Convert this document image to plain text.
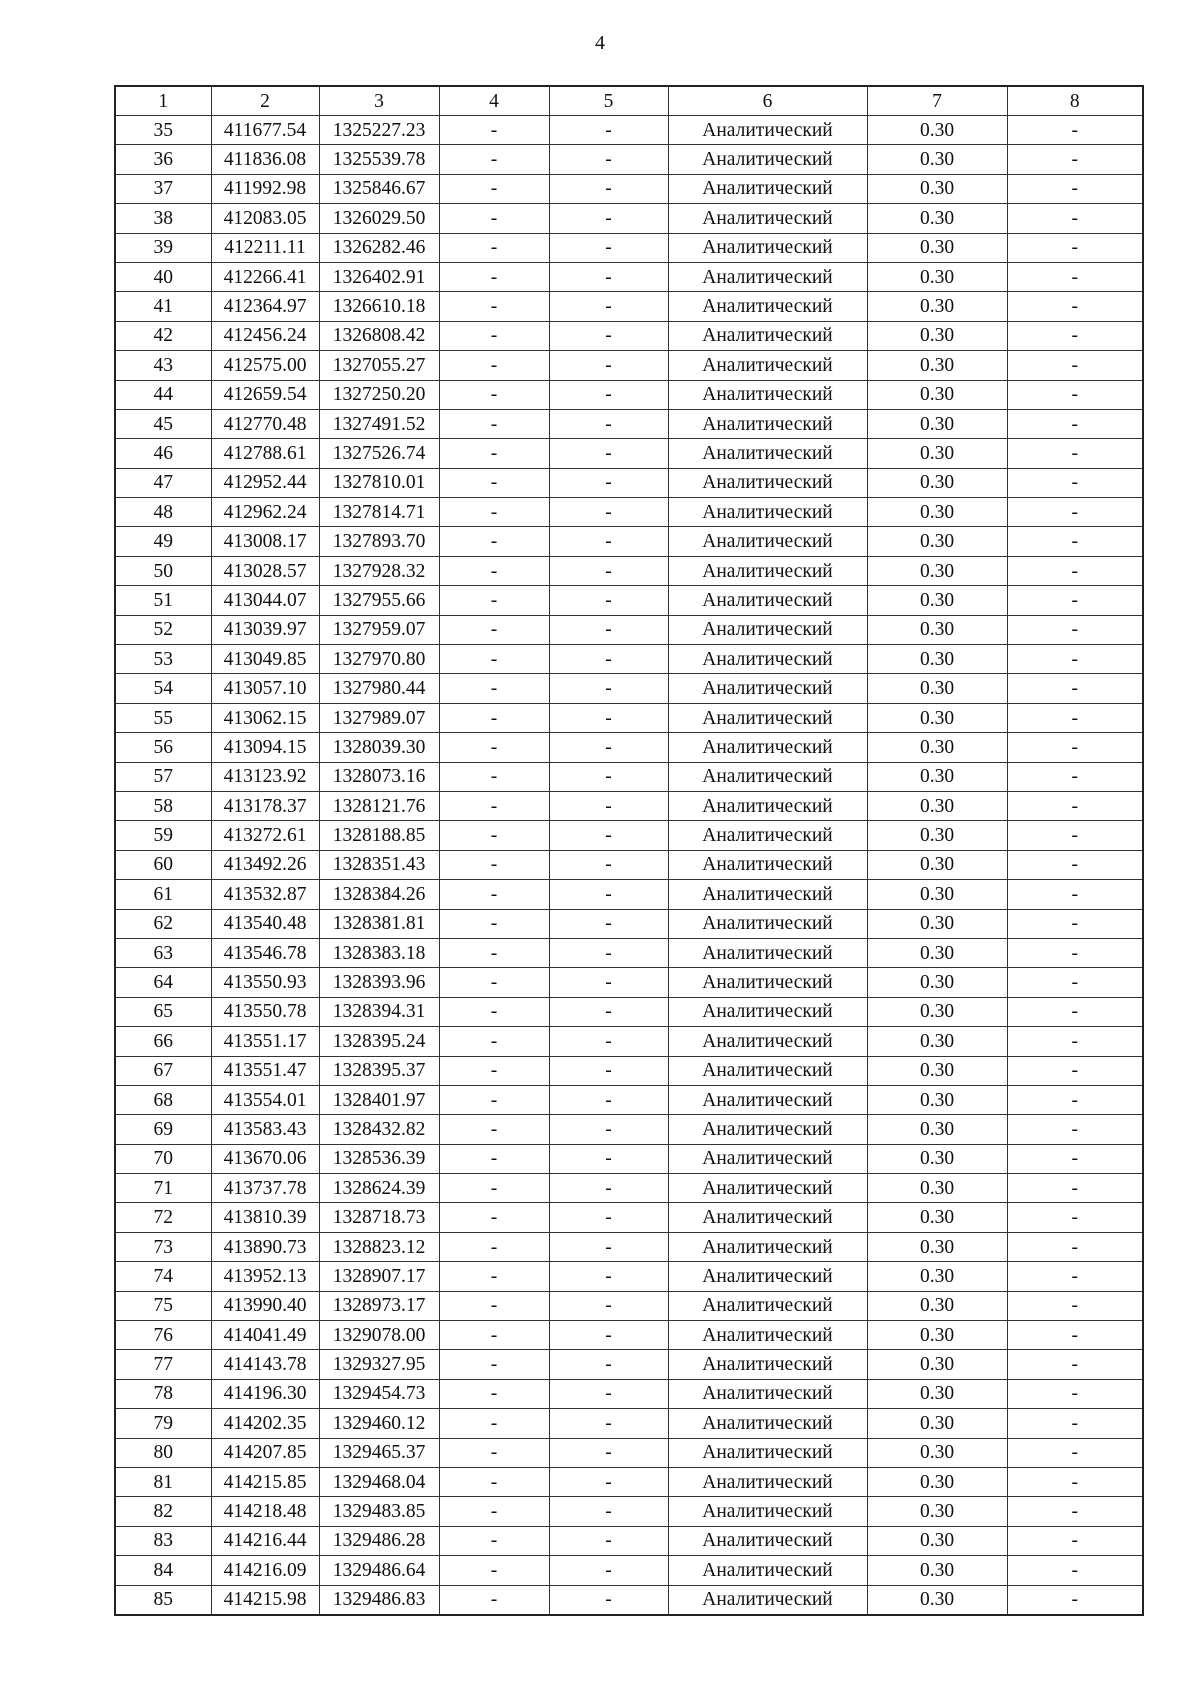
4
1	2	3	4	5	6	7	8
35	411677.54	1325227.23	-	-	Аналитический	0.30	-
36	411836.08	1325539.78	-	-	Аналитический	0.30	-
37	411992.98	1325846.67	-	-	Аналитический	0.30	-
38	412083.05	1326029.50	-	-	Аналитический	0.30	-
39	412211.11	1326282.46	-	-	Аналитический	0.30	-
40	412266.41	1326402.91	-	-	Аналитический	0.30	-
41	412364.97	1326610.18	-	-	Аналитический	0.30	-
42	412456.24	1326808.42	-	-	Аналитический	0.30	-
43	412575.00	1327055.27	-	-	Аналитический	0.30	-
44	412659.54	1327250.20	-	-	Аналитический	0.30	-
45	412770.48	1327491.52	-	-	Аналитический	0.30	-
46	412788.61	1327526.74	-	-	Аналитический	0.30	-
47	412952.44	1327810.01	-	-	Аналитический	0.30	-
48	412962.24	1327814.71	-	-	Аналитический	0.30	-
49	413008.17	1327893.70	-	-	Аналитический	0.30	-
50	413028.57	1327928.32	-	-	Аналитический	0.30	-
51	413044.07	1327955.66	-	-	Аналитический	0.30	-
52	413039.97	1327959.07	-	-	Аналитический	0.30	-
53	413049.85	1327970.80	-	-	Аналитический	0.30	-
54	413057.10	1327980.44	-	-	Аналитический	0.30	-
55	413062.15	1327989.07	-	-	Аналитический	0.30	-
56	413094.15	1328039.30	-	-	Аналитический	0.30	-
57	413123.92	1328073.16	-	-	Аналитический	0.30	-
58	413178.37	1328121.76	-	-	Аналитический	0.30	-
59	413272.61	1328188.85	-	-	Аналитический	0.30	-
60	413492.26	1328351.43	-	-	Аналитический	0.30	-
61	413532.87	1328384.26	-	-	Аналитический	0.30	-
62	413540.48	1328381.81	-	-	Аналитический	0.30	-
63	413546.78	1328383.18	-	-	Аналитический	0.30	-
64	413550.93	1328393.96	-	-	Аналитический	0.30	-
65	413550.78	1328394.31	-	-	Аналитический	0.30	-
66	413551.17	1328395.24	-	-	Аналитический	0.30	-
67	413551.47	1328395.37	-	-	Аналитический	0.30	-
68	413554.01	1328401.97	-	-	Аналитический	0.30	-
69	413583.43	1328432.82	-	-	Аналитический	0.30	-
70	413670.06	1328536.39	-	-	Аналитический	0.30	-
71	413737.78	1328624.39	-	-	Аналитический	0.30	-
72	413810.39	1328718.73	-	-	Аналитический	0.30	-
73	413890.73	1328823.12	-	-	Аналитический	0.30	-
74	413952.13	1328907.17	-	-	Аналитический	0.30	-
75	413990.40	1328973.17	-	-	Аналитический	0.30	-
76	414041.49	1329078.00	-	-	Аналитический	0.30	-
77	414143.78	1329327.95	-	-	Аналитический	0.30	-
78	414196.30	1329454.73	-	-	Аналитический	0.30	-
79	414202.35	1329460.12	-	-	Аналитический	0.30	-
80	414207.85	1329465.37	-	-	Аналитический	0.30	-
81	414215.85	1329468.04	-	-	Аналитический	0.30	-
82	414218.48	1329483.85	-	-	Аналитический	0.30	-
83	414216.44	1329486.28	-	-	Аналитический	0.30	-
84	414216.09	1329486.64	-	-	Аналитический	0.30	-
85	414215.98	1329486.83	-	-	Аналитический	0.30	-
